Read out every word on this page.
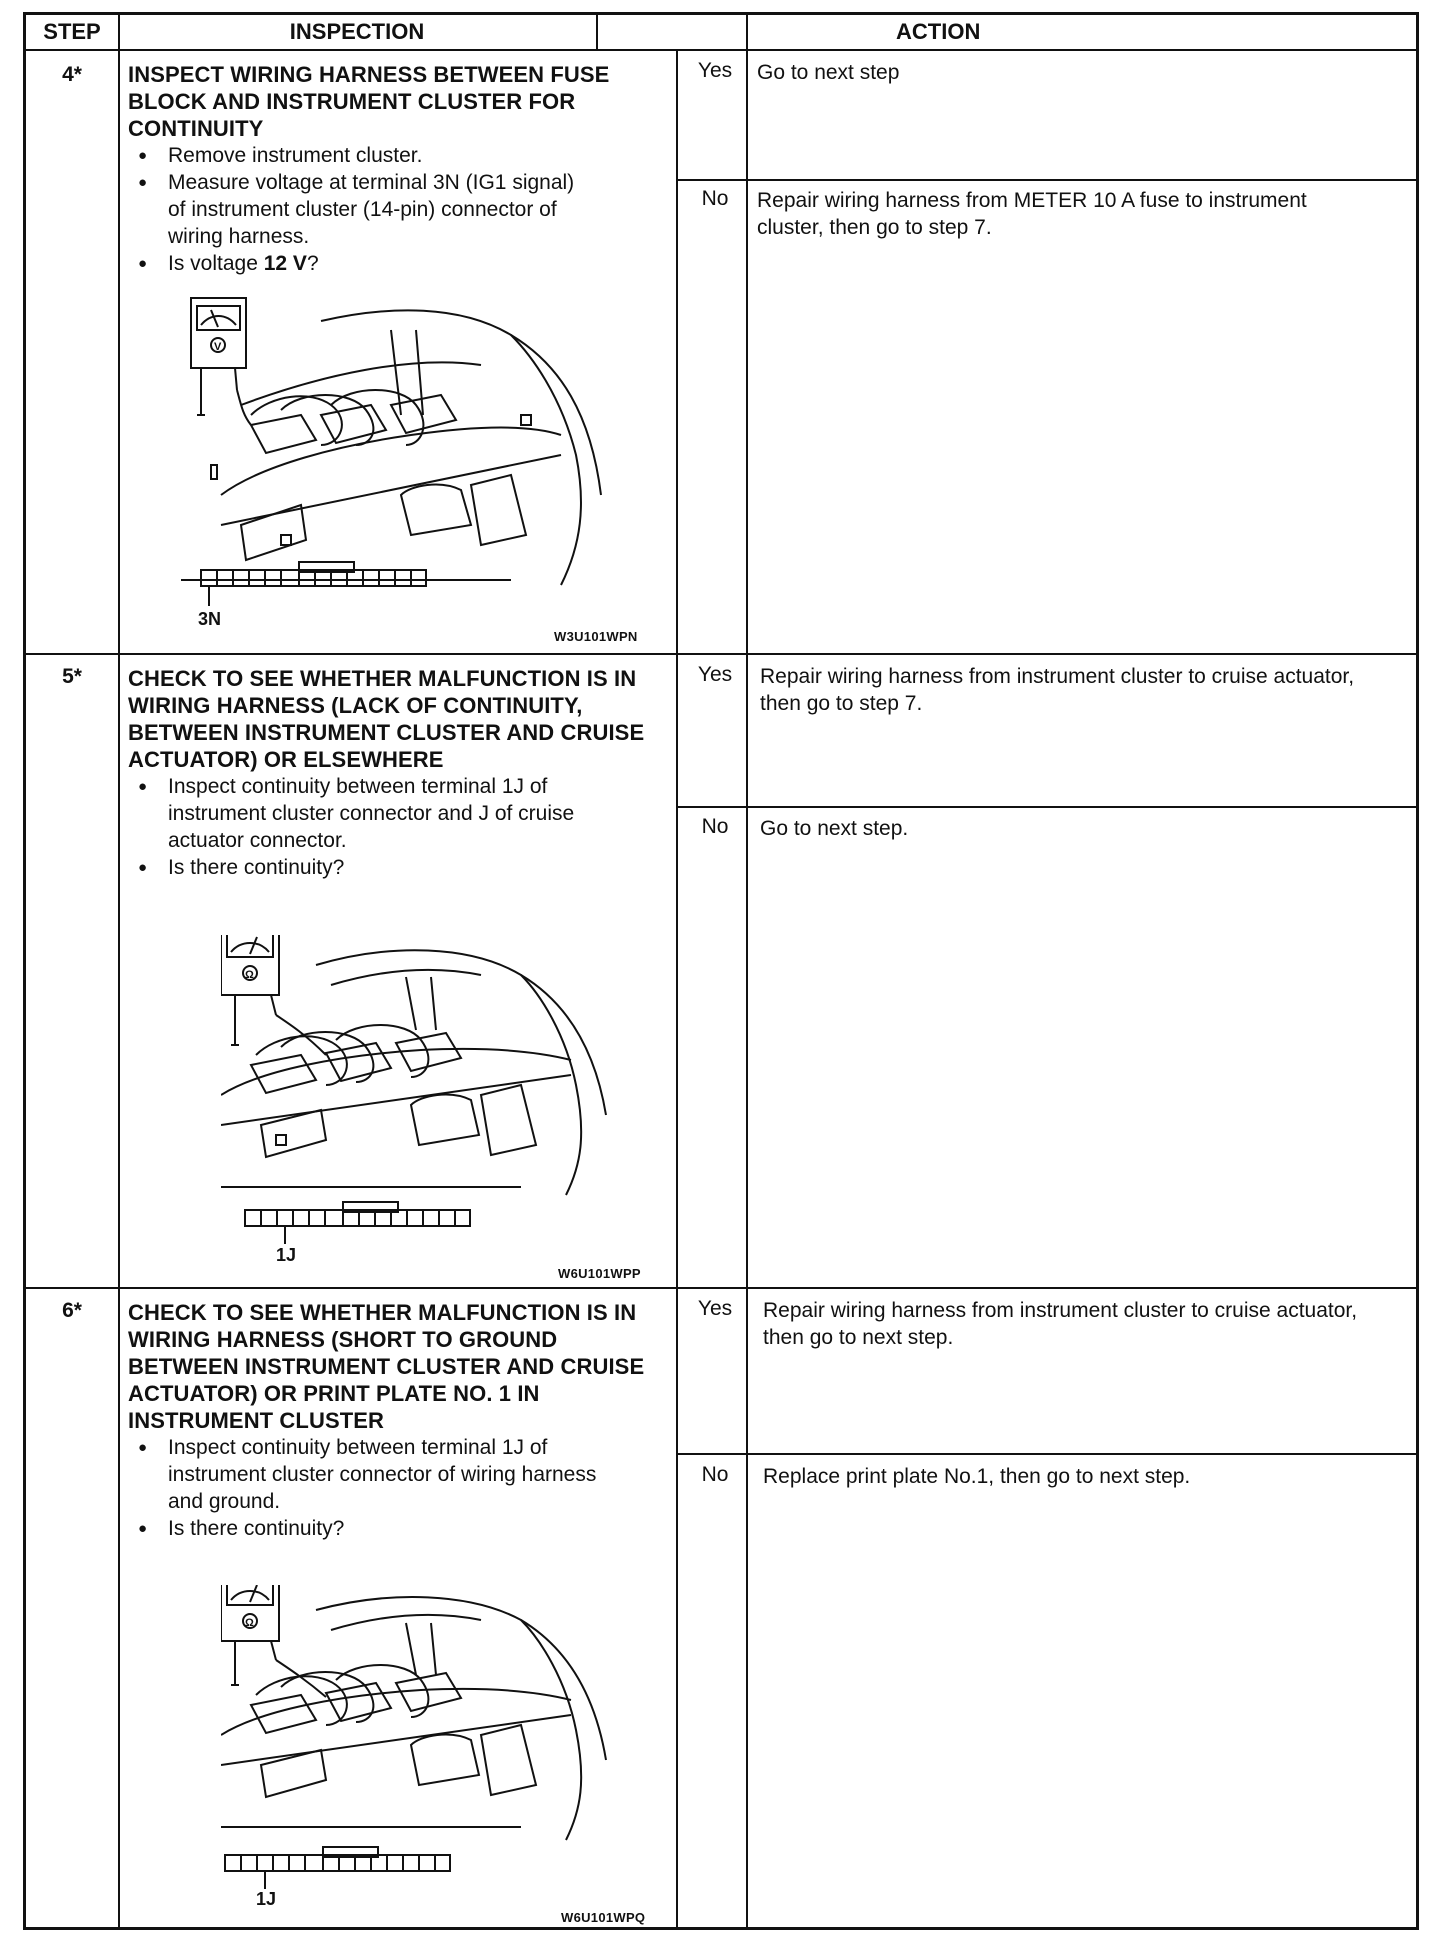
STEP	INSPECTION	ACTION
4*	INSPECT WIRING HARNESS BETWEEN FUSE BLOCK AND INSTRUMENT CLUSTER FOR CONTINUITY
● Remove instrument cluster.
● Measure voltage at terminal 3N (IG1 signal) of instrument cluster (14-pin) connector of wiring harness.
● Is voltage 12 V?
V
3N
W3U101WPN
Yes	Go to next step
No	Repair wiring harness from METER 10 A fuse to instrument cluster, then go to step 7.
5*	CHECK TO SEE WHETHER MALFUNCTION IS IN WIRING HARNESS (LACK OF CONTINUITY, BETWEEN INSTRUMENT CLUSTER AND CRUISE ACTUATOR) OR ELSEWHERE
● Inspect continuity between terminal 1J of instrument cluster connector and J of cruise actuator connector.
● Is there continuity?
Ω
1J
W6U101WPP
Yes	Repair wiring harness from instrument cluster to cruise actuator, then go to step 7.
No	Go to next step.
6*	CHECK TO SEE WHETHER MALFUNCTION IS IN WIRING HARNESS (SHORT TO GROUND BETWEEN INSTRUMENT CLUSTER AND CRUISE ACTUATOR) OR PRINT PLATE NO. 1 IN INSTRUMENT CLUSTER
● Inspect continuity between terminal 1J of instrument cluster connector of wiring harness and ground.
● Is there continuity?
Ω
1J
W6U101WPQ
Yes	Repair wiring harness from instrument cluster to cruise actuator, then go to next step.
No	Replace print plate No.1, then go to next step.
